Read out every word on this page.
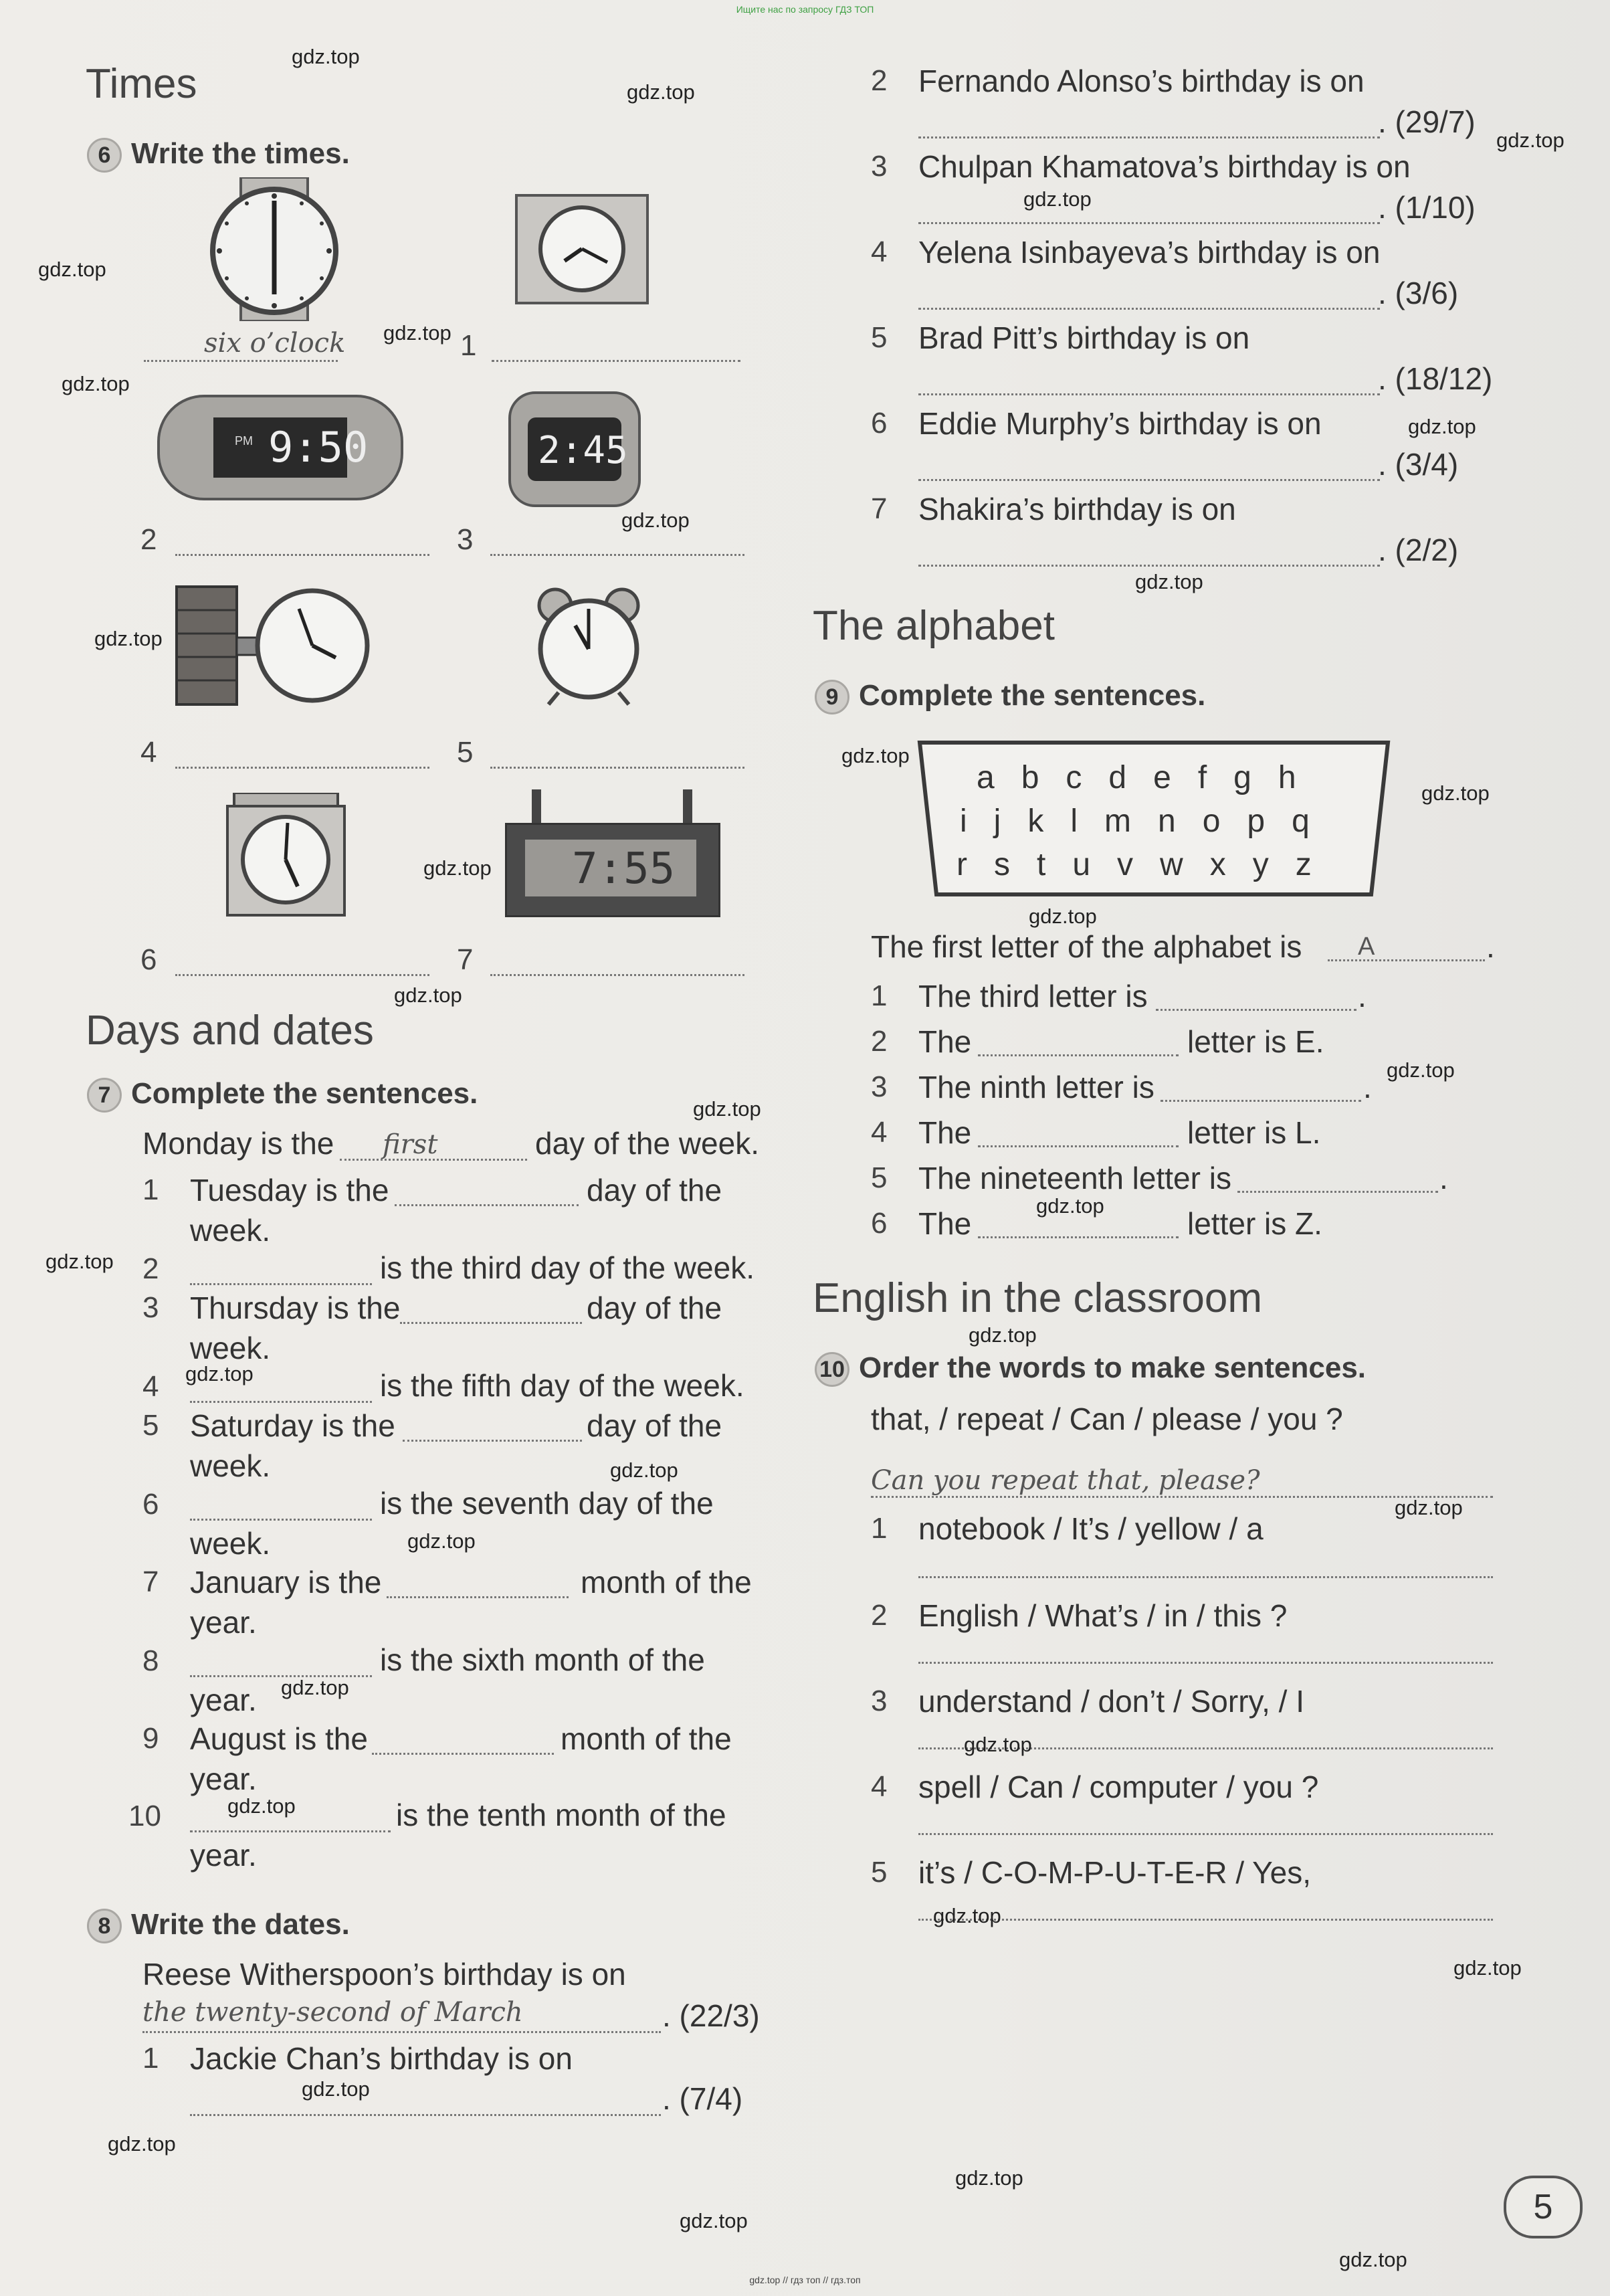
Ищите нас по запросу ГДЗ ТОП
Times
6 Write the times.
six o’clock	1
PM 9:50	2:45
2	3
4	5
7:55
6	7
Days and dates
7 Complete the sentences.
Monday is the first	day of the week.
1 Tuesday is the	day of the
week.
2	is the third day of the week.
3 Thursday is the	day of the
week.
4	is the fifth day of the week.
5 Saturday is the	day of the
week.
6	is the seventh day of the
week.
7 January is the	month of the
year.
8	is the sixth month of the
year.
9 August is the	month of the
year.
10	is the tenth month of the
year.
8 Write the dates.
Reese Witherspoon’s birthday is on
the twenty-second of March	. (22/3)
1 Jackie Chan’s birthday is on
. (7/4)
2 Fernando Alonso’s birthday is on
. (29/7)
3 Chulpan Khamatova’s birthday is on
. (1/10)
4 Yelena Isinbayeva’s birthday is on
. (3/6)
5 Brad Pitt’s birthday is on
. (18/12)
6 Eddie Murphy’s birthday is on
. (3/4)
7 Shakira’s birthday is on
. (2/2)
The alphabet
9 Complete the sentences.
a   b   c   d   e   f   g   h
i   j   k   l   m   n   o   p   q
r   s   t   u   v   w   x   y   z
The first letter of the alphabet is A	.
1 The third letter is	.
2 The	letter is E.
3 The ninth letter is	.
4 The	letter is L.
5 The nineteenth letter is	.
6 The	letter is Z.
English in the classroom
10 Order the words to make sentences.
that, / repeat / Can / please / you ?
Can you repeat that, please?
1 notebook / It’s / yellow / a
2 English / What’s / in / this ?
3 understand / don’t / Sorry, / I
4 spell / Can / computer / you ?
5 it’s / C-O-M-P-U-T-E-R / Yes,
5
gdz.top
gdz.top
gdz.top
gdz.top
gdz.top
gdz.top
gdz.top
gdz.top
gdz.top
gdz.top
gdz.top
gdz.top
gdz.top
gdz.top
gdz.top
gdz.top
gdz.top
gdz.top
gdz.top
gdz.top
gdz.top
gdz.top
gdz.top
gdz.top
gdz.top
gdz.top
gdz.top
gdz.top
gdz.top
gdz.top
gdz.top
gdz.top
gdz.top
gdz.top
gdz.top
gdz.top // гдз топ // гдз.топ
